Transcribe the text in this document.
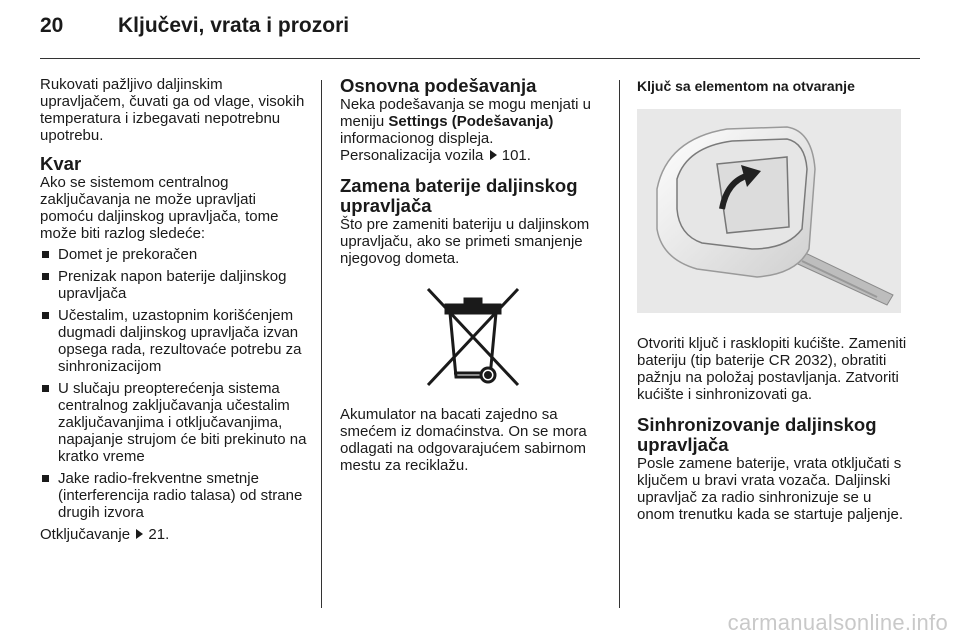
20	Ključevi, vrata i prozori

Rukovati pažljivo daljinskim upravljačem, čuvati ga od vlage, visokih temperatura i izbegavati nepotrebnu upotrebu.

Kvar

Ako se sistemom centralnog zaključavanja ne može upravljati pomoću daljinskog upravljača, tome može biti razlog sledeće:

Domet je prekoračen
Prenizak napon baterije daljinskog upravljača
Učestalim, uzastopnim korišćenjem dugmadi daljinskog upravljača izvan opsega rada, rezultovaće potrebu za sinhronizacijom
U slučaju preopterećenja sistema centralnog zaključavanja učestalim zaključavanjima i otključavanjima, napajanje strujom će biti prekinuto na kratko vreme
Jake radio-frekventne smetnje (interferencija radio talasa) od strane drugih izvora

Otključavanje 21.

Osnovna podešavanja

Neka podešavanja se mogu menjati u meniju Settings (Podešavanja) informacionog displeja.

Personalizacija vozila 101.

Zamena baterije daljinskog upravljača

Što pre zameniti bateriju u daljinskom upravljaču, ako se primeti smanjenje njegovog dometa.

Akumulator na bacati zajedno sa smećem iz domaćinstva. On se mora odlagati na odgovarajućem sabirnom mestu za reciklažu.

Ključ sa elementom na otvaranje

Otvoriti ključ i rasklopiti kućište. Zameniti bateriju (tip baterije CR 2032), obratiti pažnju na položaj postavljanja. Zatvoriti kućište i sinhronizovati ga.

Sinhronizovanje daljinskog upravljača

Posle zamene baterije, vrata otključati s ključem u bravi vrata vozača. Daljinski upravljač za radio sinhronizuje se u onom trenutku kada se startuje paljenje.

carmanualsonline.info
